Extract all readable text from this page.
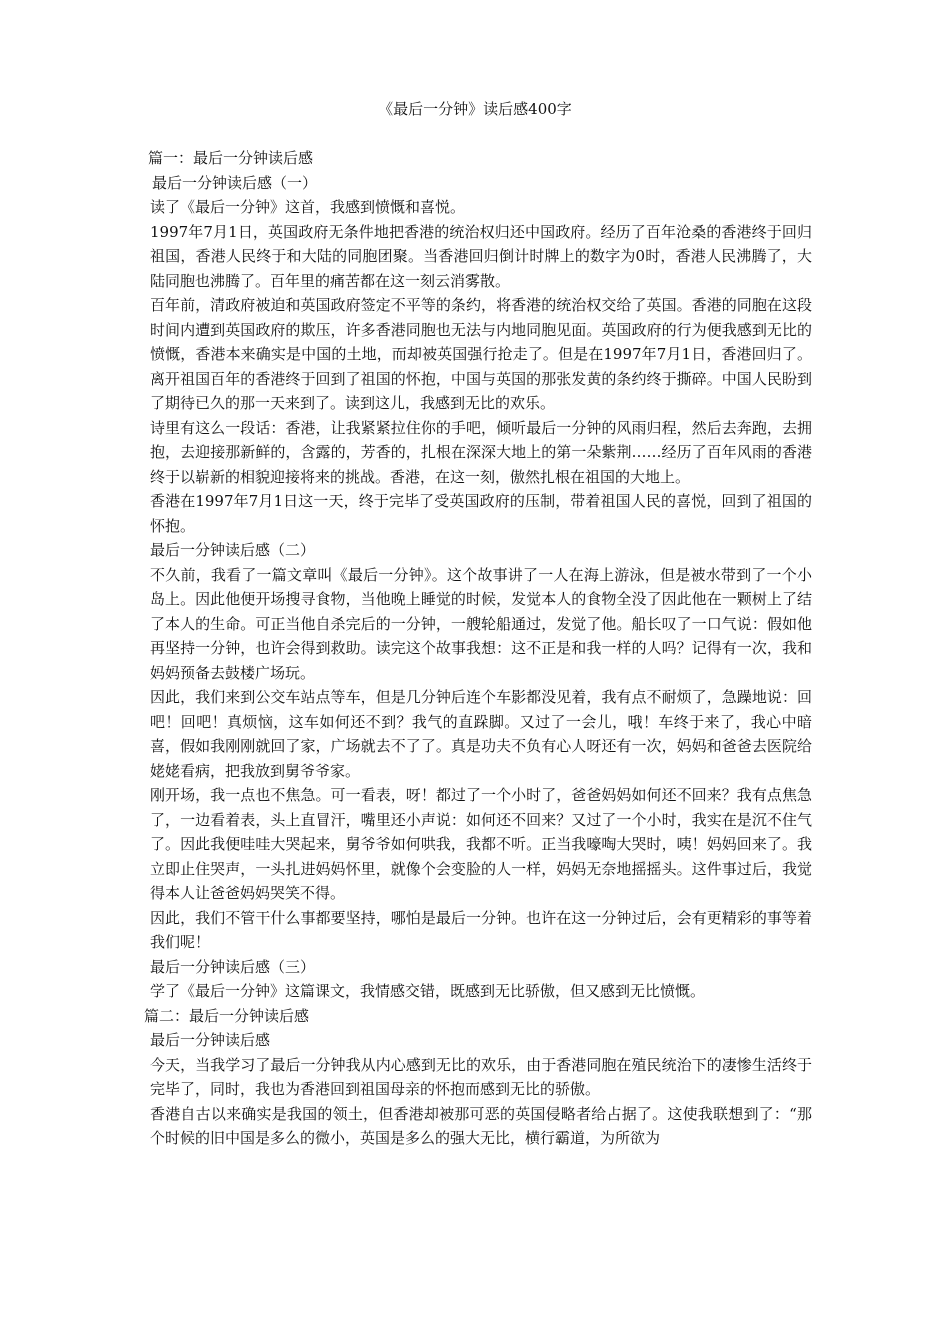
《最后一分钟》读后感400字

篇一：最后一分钟读后感

最后一分钟读后感（一）

读了《最后一分钟》这首，我感到愤慨和喜悦。

1997年7月1日，英国政府无条件地把香港的统治权归还中国政府。经历了百年沧桑的香港终于回归祖国，香港人民终于和大陆的同胞团聚。当香港回归倒计时牌上的数字为0时，香港人民沸腾了，大陆同胞也沸腾了。百年里的痛苦都在这一刻云消雾散。

百年前，清政府被迫和英国政府签定不平等的条约，将香港的统治权交给了英国。香港的同胞在这段时间内遭到英国政府的欺压，许多香港同胞也无法与内地同胞见面。英国政府的行为便我感到无比的愤慨，香港本来确实是中国的土地，而却被英国强行抢走了。但是在1997年7月1日，香港回归了。离开祖国百年的香港终于回到了祖国的怀抱，中国与英国的那张发黄的条约终于撕碎。中国人民盼到了期待已久的那一天来到了。读到这儿，我感到无比的欢乐。

诗里有这么一段话：香港，让我紧紧拉住你的手吧，倾听最后一分钟的风雨归程，然后去奔跑，去拥抱，去迎接那新鲜的，含露的，芳香的，扎根在深深大地上的第一朵紫荆……经历了百年风雨的香港终于以崭新的相貌迎接将来的挑战。香港，在这一刻，傲然扎根在祖国的大地上。

香港在1997年7月1日这一天，终于完毕了受英国政府的压制，带着祖国人民的喜悦，回到了祖国的怀抱。

最后一分钟读后感（二）

不久前，我看了一篇文章叫《最后一分钟》。这个故事讲了一人在海上游泳，但是被水带到了一个小岛上。因此他便开场搜寻食物，当他晚上睡觉的时候，发觉本人的食物全没了因此他在一颗树上了结了本人的生命。可正当他自杀完后的一分钟，一艘轮船通过，发觉了他。船长叹了一口气说：假如他再坚持一分钟，也许会得到救助。读完这个故事我想：这不正是和我一样的人吗？记得有一次，我和妈妈预备去鼓楼广场玩。

因此，我们来到公交车站点等车，但是几分钟后连个车影都没见着，我有点不耐烦了，急躁地说：回吧！回吧！真烦恼，这车如何还不到？我气的直跺脚。又过了一会儿，哦！车终于来了，我心中暗喜，假如我刚刚就回了家，广场就去不了了。真是功夫不负有心人呀还有一次，妈妈和爸爸去医院给姥姥看病，把我放到舅爷爷家。

刚开场，我一点也不焦急。可一看表，呀！都过了一个小时了，爸爸妈妈如何还不回来？我有点焦急了，一边看着表，头上直冒汗，嘴里还小声说：如何还不回来？又过了一个小时，我实在是沉不住气了。因此我便哇哇大哭起来，舅爷爷如何哄我，我都不听。正当我嚎啕大哭时，咦！妈妈回来了。我立即止住哭声，一头扎进妈妈怀里，就像个会变脸的人一样，妈妈无奈地摇摇头。这件事过后，我觉得本人让爸爸妈妈哭笑不得。

因此，我们不管干什么事都要坚持，哪怕是最后一分钟。也许在这一分钟过后，会有更精彩的事等着我们呢！

最后一分钟读后感（三）

学了《最后一分钟》这篇课文，我情感交错，既感到无比骄傲，但又感到无比愤慨。

篇二：最后一分钟读后感

最后一分钟读后感

今天，当我学习了最后一分钟我从内心感到无比的欢乐，由于香港同胞在殖民统治下的凄惨生活终于完毕了，同时，我也为香港回到祖国母亲的怀抱而感到无比的骄傲。

香港自古以来确实是我国的领土，但香港却被那可恶的英国侵略者给占据了。这使我联想到了：“那个时候的旧中国是多么的微小，英国是多么的强大无比，横行霸道，为所欲为
